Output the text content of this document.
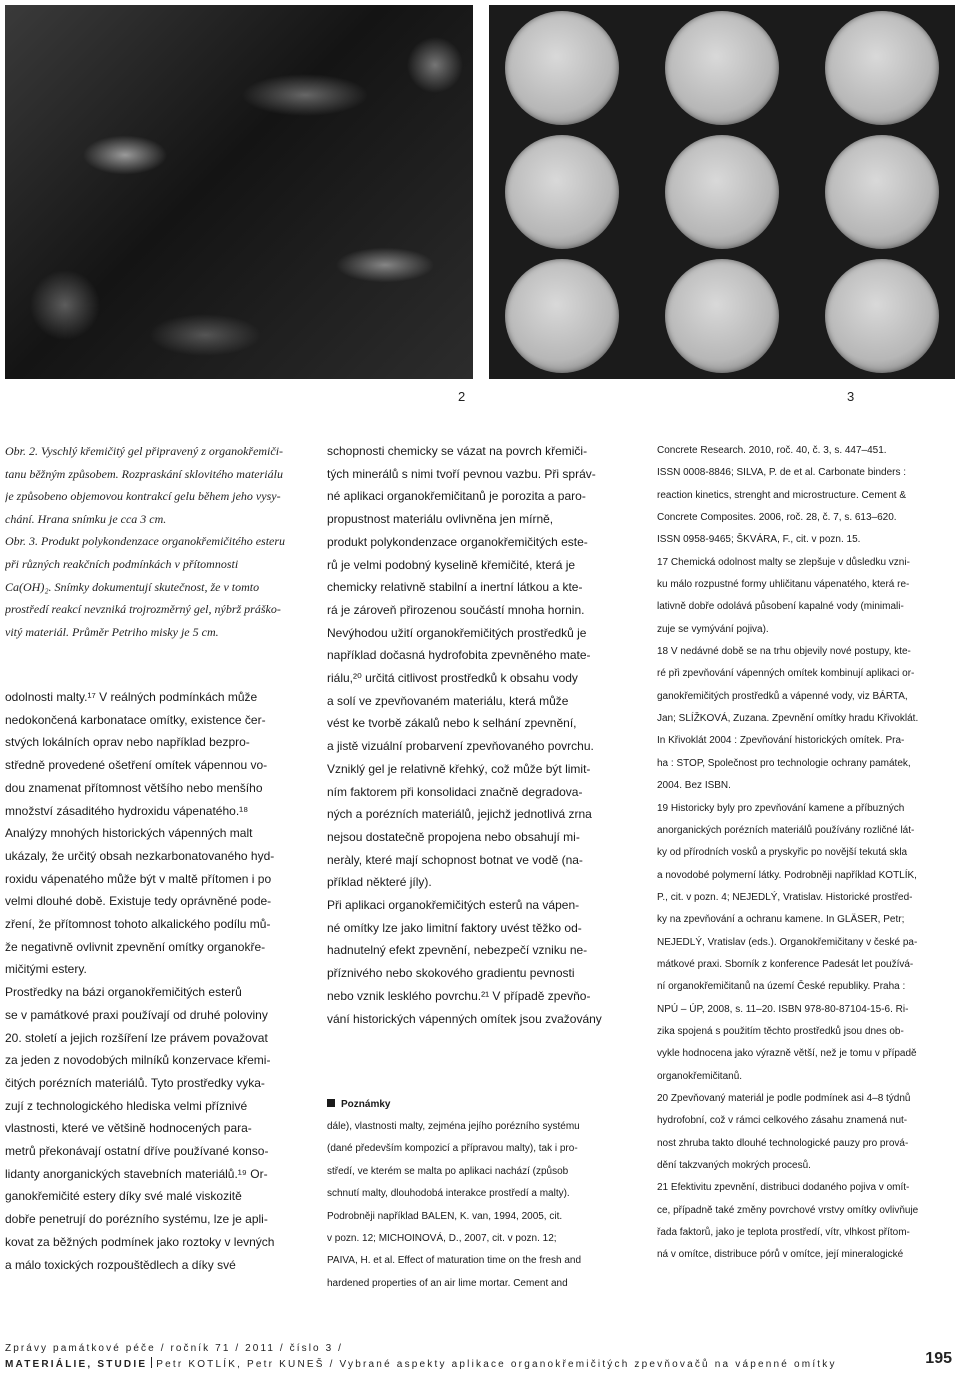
2	3
Obr. 2. Vyschlý křemičitý gel připravený z organokřemiči-
tanu běžným způsobem. Rozpraskání sklovitého materiálu
je způsobeno objemovou kontrakcí gelu během jeho vysy-
chání. Hrana snímku je cca 3 cm.
Obr. 3. Produkt polykondenzace organokřemičitého esteru
při různých reakčních podmínkách v přítomnosti
Ca(OH)₂. Snímky dokumentují skutečnost, že v tomto
prostředí reakcí nevzniká trojrozměrný gel, nýbrž práško-
vitý materiál. Průměr Petriho misky je 5 cm.
odolnosti malty.¹⁷ V reálných podmínkách může
nedokončená karbonatace omítky, existence čer-
stvých lokálních oprav nebo například bezpro-
středně provedené ošetření omítek vápennou vo-
dou znamenat přítomnost většího nebo menšího
množství zásaditého hydroxidu vápenatého.¹⁸
Analýzy mnohých historických vápenných malt
ukázaly, že určitý obsah nezkarbonatovaného hyd-
roxidu vápenatého může být v maltě přítomen i po
velmi dlouhé době. Existuje tedy oprávněné pode-
zření, že přítomnost tohoto alkalického podílu mů-
že negativně ovlivnit zpevnění omítky organokře-
mičitými estery.
Prostředky na bázi organokřemičitých esterů
se v památkové praxi používají od druhé poloviny
20. století a jejich rozšíření lze právem považovat
za jeden z novodobých milníků konzervace křemi-
čitých porézních materiálů. Tyto prostředky vyka-
zují z technologického hlediska velmi příznivé
vlastnosti, které ve většině hodnocených para-
metrů překonávají ostatní dříve používané konso-
lidanty anorganických stavebních materiálů.¹⁹ Or-
ganokřemičité estery díky své malé viskozitě
dobře penetrují do porézního systému, lze je apli-
kovat za běžných podmínek jako roztoky v levných
a málo toxických rozpouštědlech a díky své
schopnosti chemicky se vázat na povrch křemiči-
tých minerálů s nimi tvoří pevnou vazbu. Při správ-
né aplikaci organokřemičitanů je porozita a paro-
propustnost materiálu ovlivněna jen mírně,
produkt polykondenzace organokřemičitých este-
rů je velmi podobný kyselině křemičité, která je
chemicky relativně stabilní a inertní látkou a kte-
rá je zároveň přirozenou součástí mnoha hornin.
Nevýhodou užití organokřemičitých prostředků je
například dočasná hydrofobita zpevněného mate-
riálu,²⁰ určitá citlivost prostředků k obsahu vody
a solí ve zpevňovaném materiálu, která může
vést ke tvorbě zákalů nebo k selhání zpevnění,
a jistě vizuální probarvení zpevňovaného povrchu.
Vzniklý gel je relativně křehký, což může být limit-
ním faktorem při konsolidaci značně degradova-
ných a porézních materiálů, jejichž jednotlivá zrna
nejsou dostatečně propojena nebo obsahují mi-
neràly, které mají schopnost botnat ve vodě (na-
příklad některé jíly).
Při aplikaci organokřemičitých esterů na vápen-
né omítky lze jako limitní faktory uvést těžko od-
hadnutelný efekt zpevnění, nebezpečí vzniku ne-
příznivého nebo skokového gradientu pevnosti
nebo vznik lesklého povrchu.²¹ V případě zpevňo-
vání historických vápenných omítek jsou zvažovány
Poznámky
dále), vlastnosti malty, zejména jejího porézního systému
(dané především kompozicí a přípravou malty), tak i pro-
středí, ve kterém se malta po aplikaci nachází (způsob
schnutí malty, dlouhodobá interakce prostředí a malty).
Podrobněji například BALEN, K. van, 1994, 2005, cit.
v pozn. 12; MICHOINOVÁ, D., 2007, cit. v pozn. 12;
PAIVA, H. et al. Effect of maturation time on the fresh and
hardened properties of an air lime mortar. Cement and
Concrete Research. 2010, roč. 40, č. 3, s. 447–451.
ISSN 0008-8846; SILVA, P. de et al. Carbonate binders :
reaction kinetics, strenght and microstructure. Cement &
Concrete Composites. 2006, roč. 28, č. 7, s. 613–620.
ISSN 0958-9465; ŠKVÁRA, F., cit. v pozn. 15.
17 Chemická odolnost malty se zlepšuje v důsledku vzni-
ku málo rozpustné formy uhličitanu vápenatého, která re-
lativně dobře odolává působení kapalné vody (minimali-
zuje se vymývání pojiva).
18 V nedávné době se na trhu objevily nové postupy, kte-
ré při zpevňování vápenných omítek kombinují aplikaci or-
ganokřemičitých prostředků a vápenné vody, viz BÁRTA,
Jan; SLÍŽKOVÁ, Zuzana. Zpevnění omítky hradu Křivoklát.
In Křivoklát 2004 : Zpevňování historických omítek. Pra-
ha : STOP, Společnost pro technologie ochrany památek,
2004. Bez ISBN.
19 Historicky byly pro zpevňování kamene a příbuzných
anorganických porézních materiálů používány rozličné lát-
ky od přírodních vosků a pryskyřic po novější tekutá skla
a novodobé polymerní látky. Podrobněji například KOTLÍK,
P., cit. v pozn. 4; NEJEDLÝ, Vratislav. Historické prostřed-
ky na zpevňování a ochranu kamene. In GLÄSER, Petr;
NEJEDLÝ, Vratislav (eds.). Organokřemičitany v české pa-
mátkové praxi. Sborník z konference Padesát let používá-
ní organokřemičitanů na území České republiky. Praha :
NPÚ – ÚP, 2008, s. 11–20. ISBN 978-80-87104-15-6. Ri-
zika spojená s použitím těchto prostředků jsou dnes ob-
vykle hodnocena jako výrazně větší, než je tomu v případě
organokřemičitanů.
20 Zpevňovaný materiál je podle podmínek asi 4–8 týdnů
hydrofobní, což v rámci celkového zásahu znamená nut-
nost zhruba takto dlouhé technologické pauzy pro prová-
dění takzvaných mokrých procesů.
21 Efektivitu zpevnění, distribuci dodaného pojiva v omít-
ce, případně také změny povrchové vrstvy omítky ovlivňuje
řada faktorů, jako je teplota prostředí, vítr, vlhkost přítom-
ná v omítce, distribuce pórů v omítce, její mineralogické
Zprávy památkové péče / ročník 71 / 2011 / číslo 3 /
MATERIÁLIE, STUDIE Petr KOTLÍK, Petr KUNEŠ / Vybrané aspekty aplikace organokřemičitých zpevňovačů na vápenné omítky	195
